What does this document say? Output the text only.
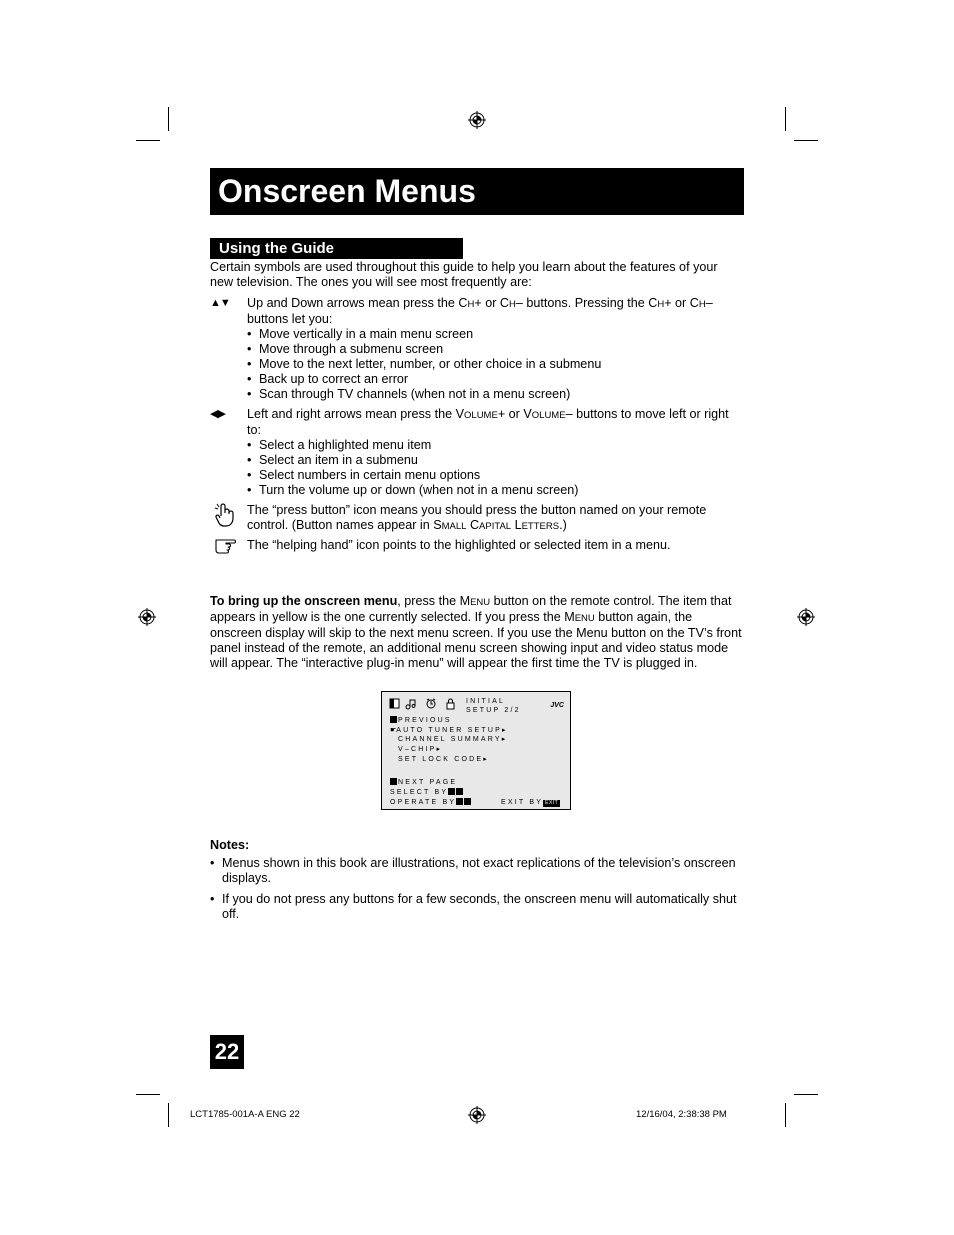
Onscreen Menus
Using the Guide

Certain symbols are used throughout this guide to help you learn about the features of your new television. The ones you will see most frequently are:

▲▼	Up and Down arrows mean press the CH+ or CH– buttons. Pressing the CH+ or CH– buttons let you:

• Move vertically in a main menu screen
• Move through a submenu screen
• Move to the next letter, number, or other choice in a submenu
• Back up to correct an error
• Scan through TV channels (when not in a menu screen)
◀▶	Left and right arrows mean press the VOLUME+ or VOLUME– buttons to move left or right to:

• Select a highlighted menu item
• Select an item in a submenu
• Select numbers in certain menu options
• Turn the volume up or down (when not in a menu screen)

The “press button” icon means you should press the button named on your remote control. (Button names appear in SMALL CAPITAL LETTERS.)

The “helping hand” icon points to the highlighted or selected item in a menu.

To bring up the onscreen menu, press the MENU button on the remote control. The item that appears in yellow is the one currently selected. If you press the MENU button again, the onscreen display will skip to the next menu screen. If you use the Menu button on the TV’s front panel instead of the remote, an additional menu screen showing input and video status mode will appear. The “interactive plug-in menu” will appear the first time the TV is plugged in.

INITIAL
SETUP 2/2
JVC
PREVIOUS
☛AUTO TUNER SETUP▸
CHANNEL SUMMARY▸
V–CHIP▸
SET LOCK CODE▸
NEXT PAGE
SELECT BY
OPERATE BY	EXIT BY EXIT
Notes:
• Menus shown in this book are illustrations, not exact replications of the television’s onscreen displays.
• If you do not press any buttons for a few seconds, the onscreen menu will automatically shut off.
22
LCT1785-001A-A ENG 22	12/16/04, 2:38:38 PM
